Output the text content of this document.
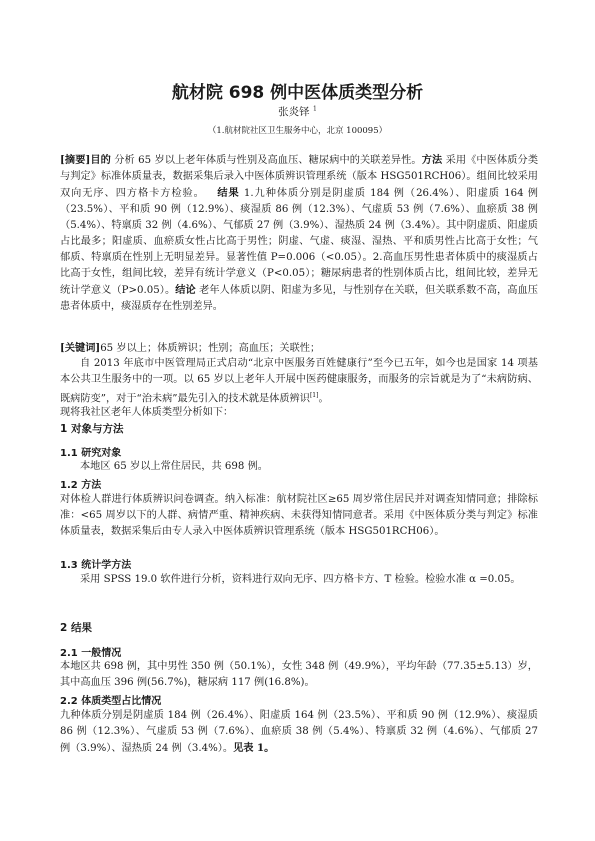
航材院 698 例中医体质类型分析
张炎铎 $^1$
（1.航材院社区卫生服务中心，北京 100095）
[摘要]目的 分析 65 岁以上老年体质与性别及高血压、糖尿病中的关联差异性。方法 采用《中医体质分类与判定》标准体质量表，数据采集后录入中医体质辨识管理系统（版本 HSG501RCH06）。组间比较采用双向无序、四方格卡方检验。 结果 1.九种体质分别是阴虚质 184 例（26.4%）、阳虚质 164 例（23.5%）、平和质 90 例（12.9%）、痰湿质 86 例（12.3%）、气虚质 53 例（7.6%）、血瘀质 38 例（5.4%）、特禀质 32 例（4.6%）、气郁质 27 例（3.9%）、湿热质 24 例（3.4%）。其中阴虚质、阳虚质占比最多；阳虚质、血瘀质女性占比高于男性；阴虚、气虚、痰湿、湿热、平和质男性占比高于女性；气郁质、特禀质在性别上无明显差异。显著性值 P=0.006（<0.05）。2.高血压男性患者体质中的痰湿质占比高于女性，组间比较，差异有统计学意义（P<0.05）；糖尿病患者的性别体质占比，组间比较，差异无统计学意义（P>0.05）。结论 老年人体质以阴、阳虚为多见，与性别存在关联，但关联系数不高，高血压患者体质中，痰湿质存在性别差异。
[关键词]65 岁以上；体质辨识；性别；高血压；关联性；
自 2013 年底市中医管理局正式启动“北京中医服务百姓健康行”至今已五年，如今也是国家 14 项基本公共卫生服务中的一项。以 65 岁以上老年人开展中医药健康服务，而服务的宗旨就是为了“未病防病、既病防变”，对于“治未病”最先引入的技术就是体质辨识[1]。
现将我社区老年人体质类型分析如下：
1 对象与方法
1.1 研究对象
本地区 65 岁以上常住居民，共 698 例。
1.2 方法
对体检人群进行体质辨识问卷调查。纳入标准：航材院社区≥65 周岁常住居民并对调查知情同意；排除标准：<65 周岁以下的人群、病情严重、精神疾病、未获得知情同意者。采用《中医体质分类与判定》标准体质量表，数据采集后由专人录入中医体质辨识管理系统（版本 HSG501RCH06）。
1.3 统计学方法
采用 SPSS 19.0 软件进行分析，资料进行双向无序、四方格卡方、T 检验。检验水准 α =0.05。
2 结果
2.1 一般情况
本地区共 698 例，其中男性 350 例（50.1%），女性 348 例（49.9%），平均年龄（77.35±5.13）岁，其中高血压 396 例(56.7%)，糖尿病 117 例(16.8%)。
2.2 体质类型占比情况
九种体质分别是阴虚质 184 例（26.4%）、阳虚质 164 例（23.5%）、平和质 90 例（12.9%）、痰湿质 86 例（12.3%）、气虚质 53 例（7.6%）、血瘀质 38 例（5.4%）、特禀质 32 例（4.6%）、气郁质 27 例（3.9%）、湿热质 24 例（3.4%）。见表 1。
